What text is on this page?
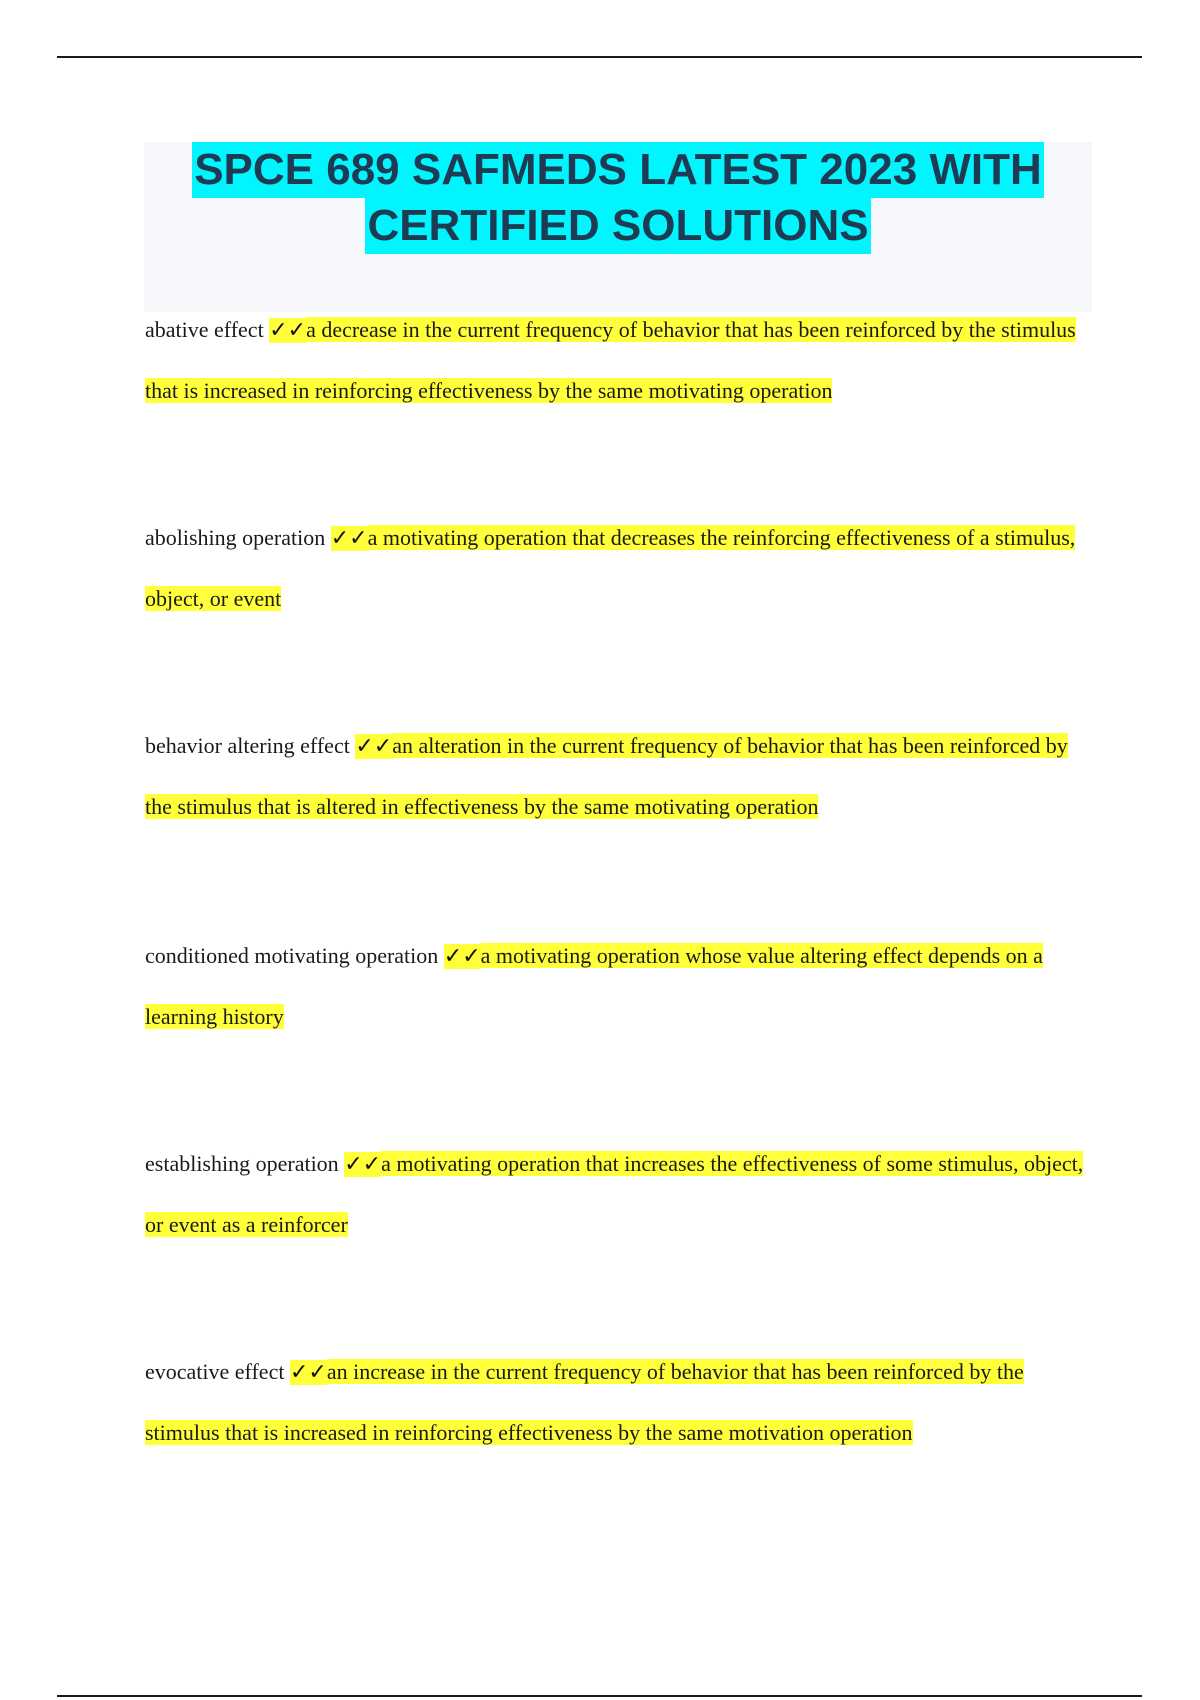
SPCE 689 SAFMEDS LATEST 2023 WITH
CERTIFIED SOLUTIONS
abative effect ✓✓a decrease in the current frequency of behavior that has been reinforced by the stimulus that is increased in reinforcing effectiveness by the same motivating operation
abolishing operation ✓✓a motivating operation that decreases the reinforcing effectiveness of a stimulus, object, or event
behavior altering effect ✓✓an alteration in the current frequency of behavior that has been reinforced by the stimulus that is altered in effectiveness by the same motivating operation
conditioned motivating operation ✓✓a motivating operation whose value altering effect depends on a learning history
establishing operation ✓✓a motivating operation that increases the effectiveness of some stimulus, object, or event as a reinforcer
evocative effect ✓✓an increase in the current frequency of behavior that has been reinforced by the stimulus that is increased in reinforcing effectiveness by the same motivation operation
